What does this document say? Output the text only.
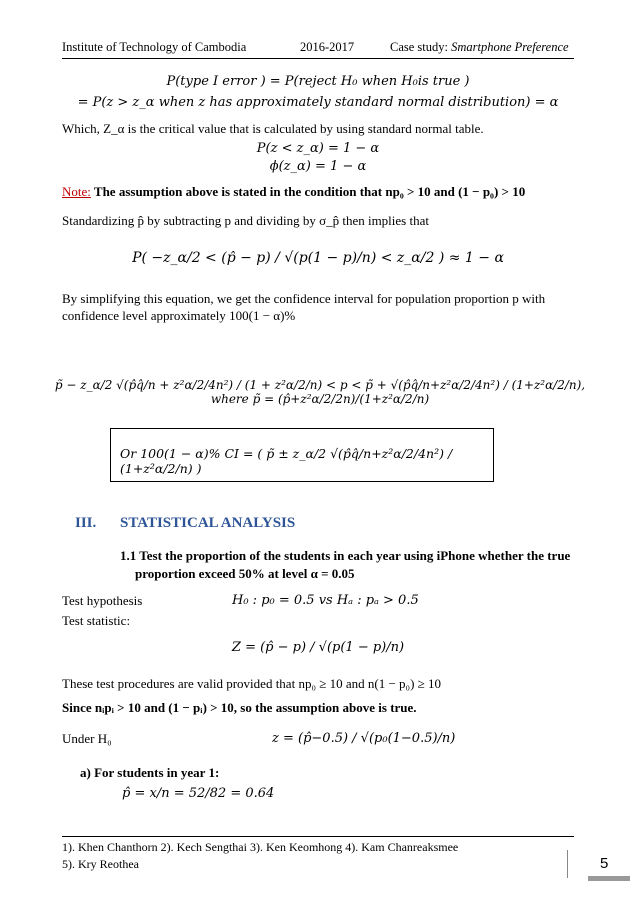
Institute of Technology of Cambodia	2016-2017	Case study: Smartphone Preference
P(type I error ) = P(reject H₀ when H₀is true )
= P(z > z_α when z has approximately standard normal distribution) = α
Which, Z_α is the critical value that is calculated by using standard normal table.
P(z < z_α) = 1 − α
ϕ(z_α) = 1 − α
Note: The assumption above is stated in the condition that np₀ > 10 and (1 − p₀) > 10
Standardizing p̂ by subtracting p and dividing by σ_p̂ then implies that
P( −z_α/2 < (p̂ − p) / √(p(1 − p)/n) < z_α/2 ) ≈ 1 − α
By simplifying this equation, we get the confidence interval for population proportion p with confidence level approximately 100(1 − α)%
p̃ − z_α/2 √(p̂q̂/n + z²α/2/4n²) / (1 + z²α/2/n) < p < p̃ + √(p̂q̂/n+z²α/2/4n²) / (1+z²α/2/n), where p̃ = (p̂+z²α/2/2n)/(1+z²α/2/n)
Or 100(1 − α)% CI = ( p̃ ± z_α/2 √(p̂q̂/n+z²α/2/4n²) / (1+z²α/2/n) )
III. STATISTICAL ANALYSIS
1.1 Test the proportion of the students in each year using iPhone whether the true
proportion exceed 50% at level α = 0.05
Test hypothesis	H₀ : p₀ = 0.5 vs Hₐ : pₐ > 0.5
Test statistic:
Z = (p̂ − p) / √(p(1 − p)/n)
These test procedures are valid provided that np₀ ≥ 10 and n(1 − p₀) ≥ 10
Since nᵢpᵢ > 10 and (1 − pᵢ) > 10, so the assumption above is true.
Under H₀	z = (p̂−0.5) / √(p₀(1−0.5)/n)
a) For students in year 1:
p̂ = x/n = 52/82 = 0.64
1). Khen Chanthorn 2). Kech Sengthai 3). Ken Keomhong 4). Kam Chanreaksmee
5). Kry Reothea	5
